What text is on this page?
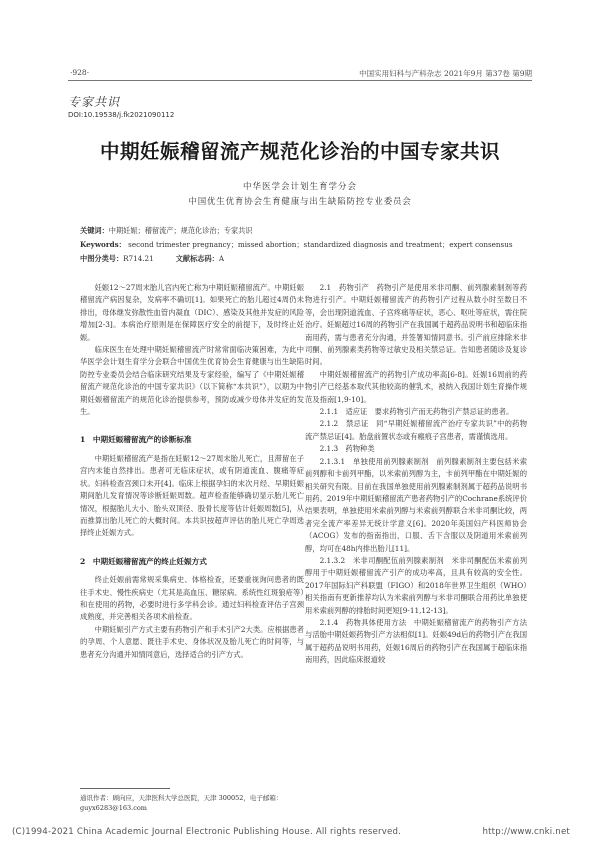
·928·	中国实用妇科与产科杂志 2021年9月 第37卷 第9期
专家共识
DOI:10.19538/j.fk2021090112
中期妊娠稽留流产规范化诊治的中国专家共识
中华医学会计划生育学分会
中国优生优育协会生育健康与出生缺陷防控专业委员会
关键词：中期妊娠；稽留流产；规范化诊治；专家共识
Keywords： second trimester pregnancy；missed abortion；standardized diagnosis and treatment；expert consensus
中图分类号：R714.21	文献标志码：A

妊娠12～27周末胎儿宫内死亡称为中期妊娠稽留流产。中期妊娠稽留流产病因复杂，发病率不确切[1]。如果死亡的胎儿超过4周仍未排出，母体继发弥散性血管内凝血（DIC）、感染及其他并发症的风险增加[2-3]。本病治疗原则是在保障医疗安全的前提下，及时终止妊娠。

临床医生在处理中期妊娠稽留流产时常常面临决策困难，为此中华医学会计划生育学分会联合中国优生优育协会生育健康与出生缺陷防控专业委员会结合临床研究结果及专家经验，编写了《中期妊娠稽留流产规范化诊治的中国专家共识》（以下简称“本共识”），以期为中期妊娠稽留流产的规范化诊治提供参考，预防或减少母体并发症的发生。

1　中期妊娠稽留流产的诊断标准

中期妊娠稽留流产是指在妊娠12～27周末胎儿死亡，且滞留在子宫内未能自然排出。患者可无临床症状，或有阴道流血、腹痛等症状。妇科检查宫颈口未开[4]。临床上根据孕妇的末次月经、早期妊娠期间胎儿发育情况等诊断妊娠周数。超声检查能够确切显示胎儿死亡情况，根据胎儿大小、胎头双顶径、股骨长度等估计妊娠周数[5]，从而推算出胎儿死亡的大概时间。本共识按超声评估的胎儿死亡孕周选择终止妊娠方式。

2　中期妊娠稽留流产的终止妊娠方式

终止妊娠前需常规采集病史、体格检查，还要重视询问患者的既往手术史、慢性疾病史（尤其是高血压、糖尿病、系统性红斑狼疮等）和在使用的药物，必要时进行多学科会诊。通过妇科检查评估子宫颈成熟度，并完善相关各项术前检查。

中期妊娠引产方式主要有药物引产和手术引产2大类。应根据患者的孕周、个人意愿、既往手术史、身体状况及胎儿死亡的时间等，与患者充分沟通并知情同意后，选择适合的引产方式。

2.1　药物引产　药物引产是使用米非司酮、前列腺素制剂等药物进行引产。中期妊娠稽留流产的药物引产过程从数小时至数日不等，会出现阴道流血、子宫疼痛等症状，恶心、呕吐等症状，需住院治疗。妊娠超过16周的药物引产在我国属于超药品说明书和超临床指南用药，需与患者充分沟通，并签署知情同意书。引产前应排除米非司酮、前列腺素类药物等过敏史及相关禁忌证。告知患者随诊及复诊时间。

中期妊娠稽留流产的药物引产成功率高[6-8]。妊娠16周前的药物引产已经基本取代其他较高的催乳术，被纳入我国计划生育操作规范及指南[1,9-10]。

2.1.1　适应证　要求药物引产而无药物引产禁忌证的患者。

2.1.2　禁忌证　同“早期妊娠稽留流产治疗专家共识”中的药物流产禁忌证[4]。胎盘前置状态或有瘢痕子宫患者，需谨慎选用。

2.1.3　药物种类

2.1.3.1　单独使用前列腺素制剂　前列腺素制剂主要包括米索前列醇和卡前列甲酯，以米索前列醇为主，卡前列甲酯在中期妊娠的相关研究有限。目前在我国单独使用前列腺素制剂属于超药品说明书用药。2019年中期妊娠稽留流产患者药物引产的Cochrane系统评价结果表明，单独使用米索前列醇与米索前列醇联合米非司酮比较，两者完全流产率差异无统计学意义[6]。2020年美国妇产科医师协会（ACOG）发布的指南指出，口服、舌下含服以及阴道用米索前列醇，均可在48h内排出胎儿[11]。

2.1.3.2　米非司酮配伍前列腺素制剂　米非司酮配伍米索前列醇用于中期妊娠稽留流产引产的成功率高，且具有较高的安全性。2017年国际妇产科联盟（FIGO）和2018年世界卫生组织（WHO）相关指南有更新推荐均认为米索前列醇与米非司酮联合用药比单独使用米索前列醇的排胎时间更短[9-11,12-13]。

2.1.4　药物具体使用方法　中期妊娠稽留流产的药物引产方法与活胎中期妊娠药物引产方法相似[1]。妊娠49d后的药物引产在我国属于超药品说明书用药，妊娠16周后的药物引产在我国属于超临床指南用药，因此临床报道较

通讯作者：顾向应，天津医科大学总医院，天津 300052，电子邮箱：guyx6283@163.com
(C)1994-2021 China Academic Journal Electronic Publishing House. All rights reserved.	http://www.cnki.net
